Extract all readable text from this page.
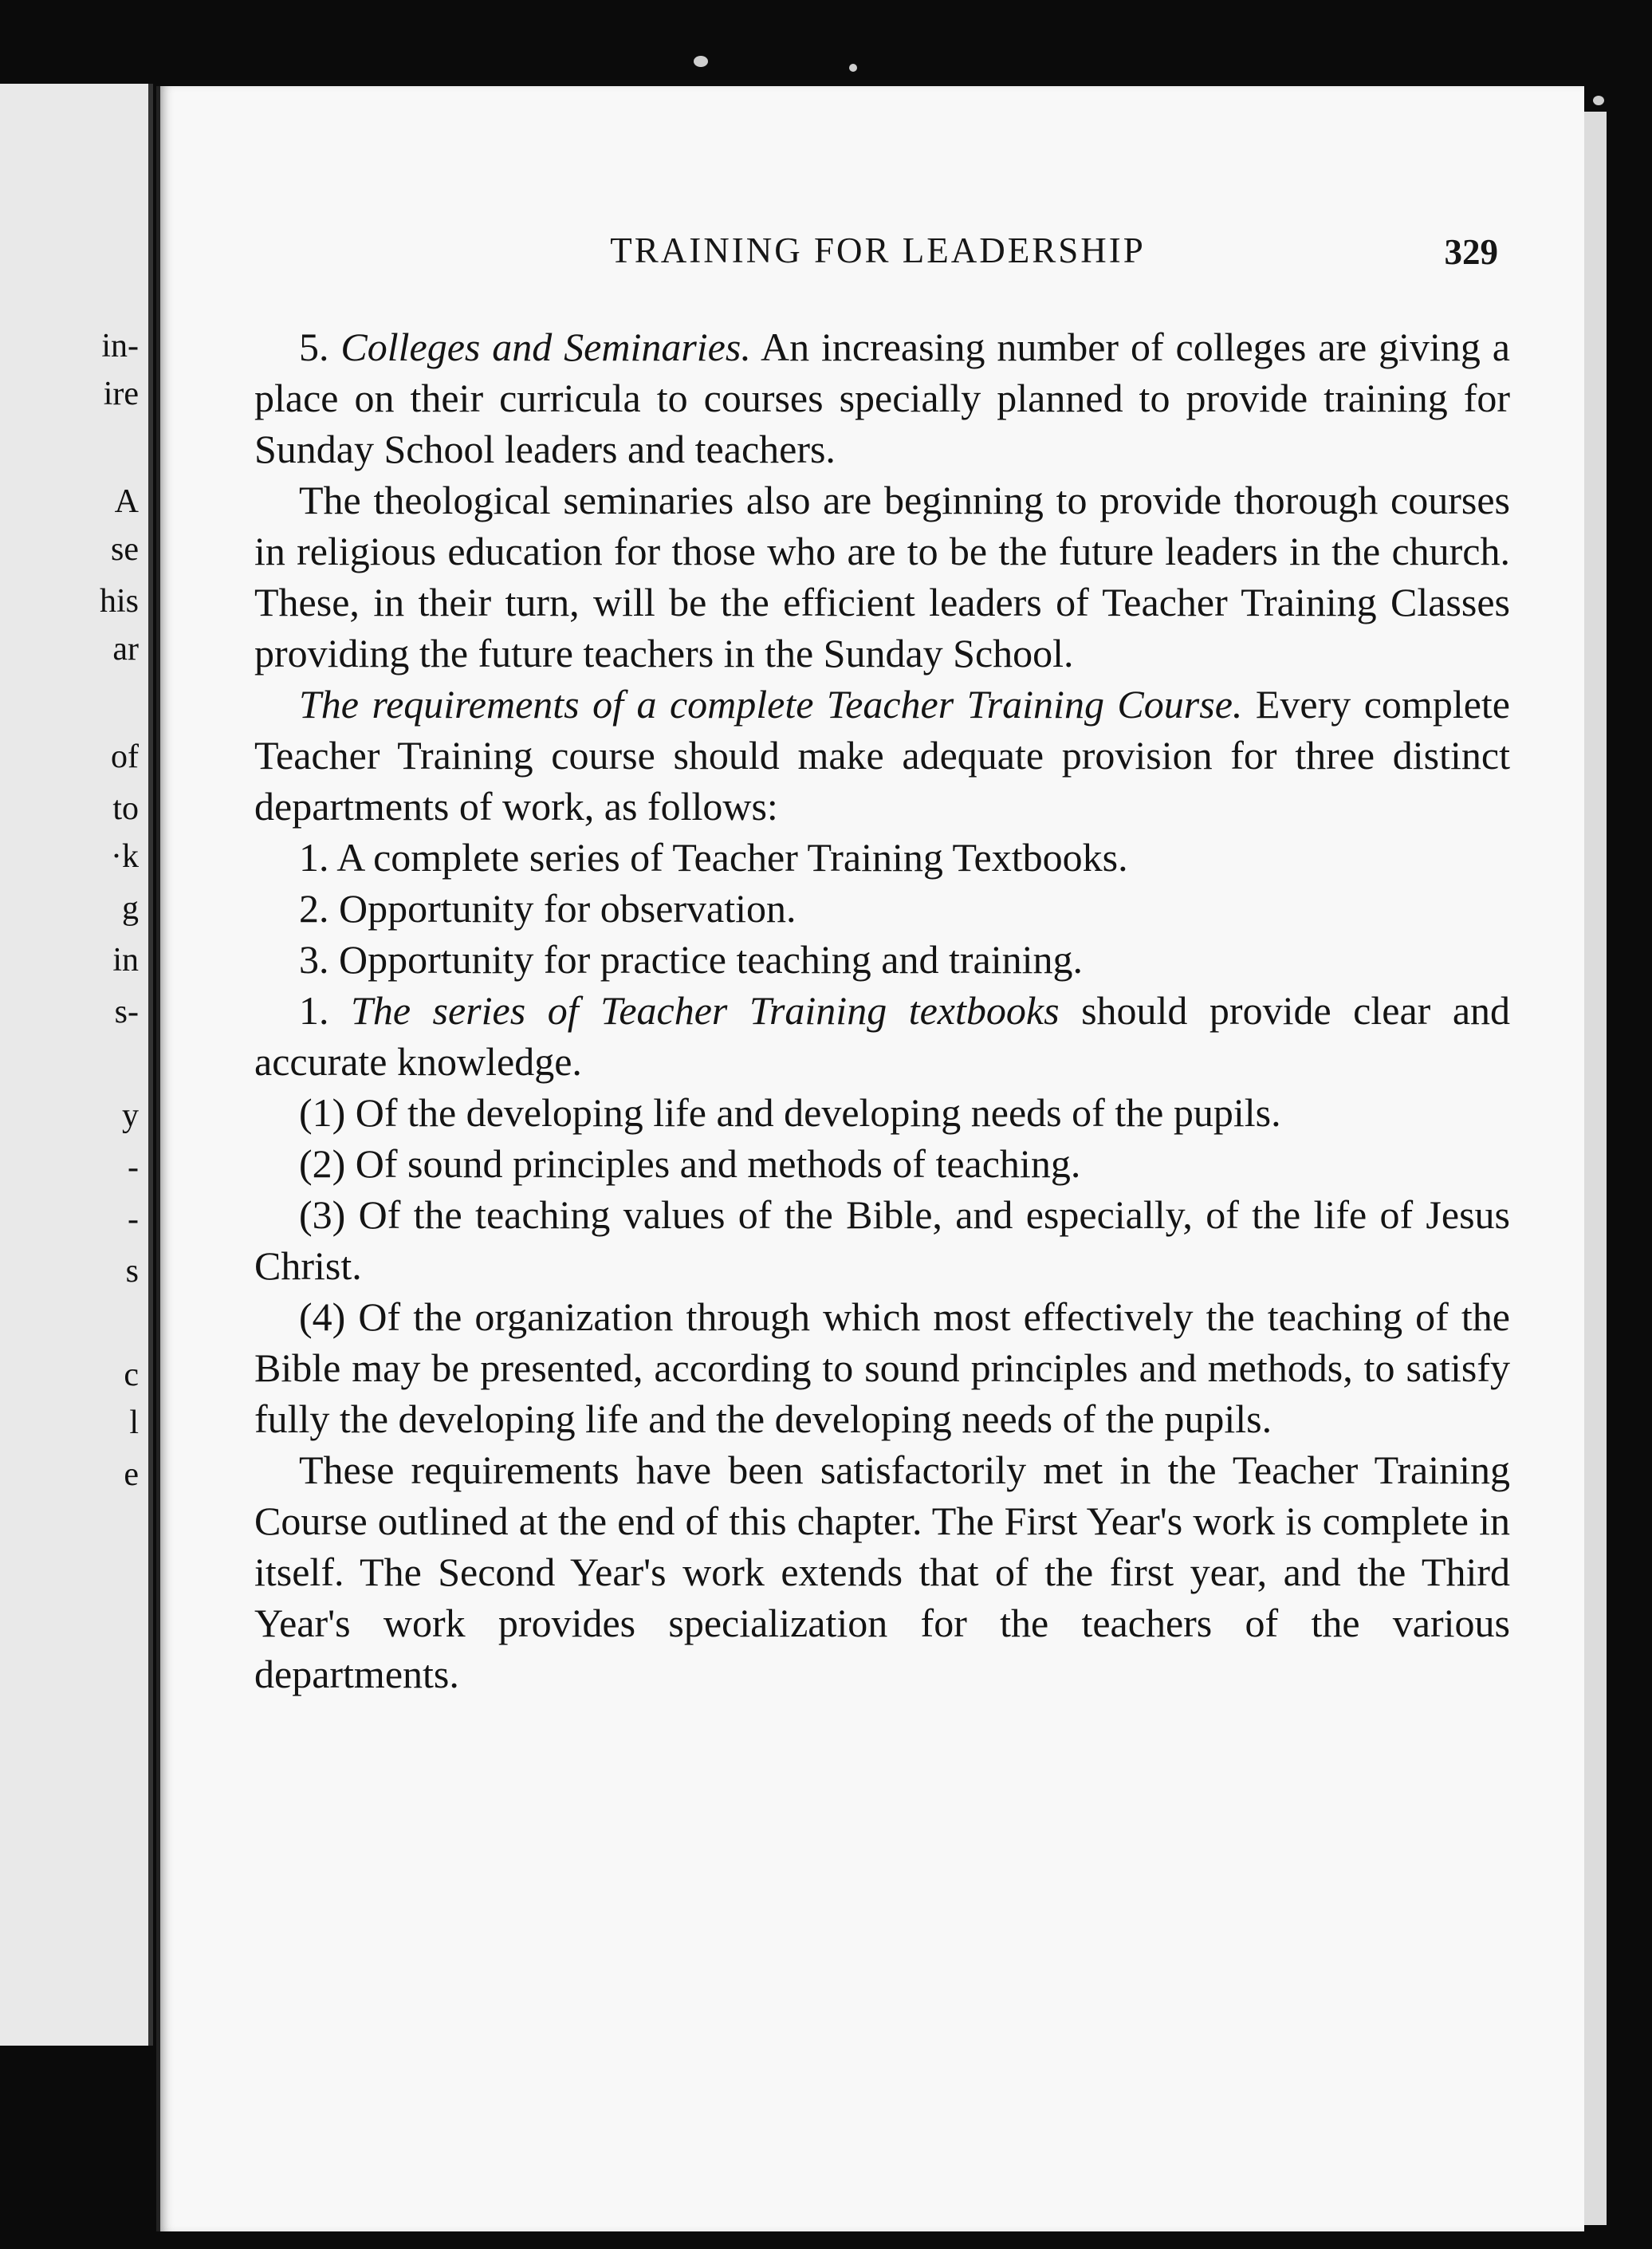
in-
ire
A
se
his
ar
of
to
·k
g
in
s-
y
-
-
s
c
l
e
TRAINING FOR LEADERSHIP	329

5. Colleges and Seminaries. An increasing number of colleges are giving a place on their curricula to courses specially planned to provide training for Sunday School leaders and teachers.

The theological seminaries also are beginning to provide thorough courses in religious education for those who are to be the future leaders in the church. These, in their turn, will be the efficient leaders of Teacher Training Classes providing the future teachers in the Sunday School.

The requirements of a complete Teacher Training Course. Every complete Teacher Training course should make adequate provision for three distinct departments of work, as follows:

1. A complete series of Teacher Training Textbooks.

2. Opportunity for observation.

3. Opportunity for practice teaching and training.

1. The series of Teacher Training textbooks should provide clear and accurate knowledge.

(1) Of the developing life and developing needs of the pupils.

(2) Of sound principles and methods of teaching.

(3) Of the teaching values of the Bible, and especially, of the life of Jesus Christ.

(4) Of the organization through which most effectively the teaching of the Bible may be presented, according to sound principles and methods, to satisfy fully the developing life and the developing needs of the pupils.

These requirements have been satisfactorily met in the Teacher Training Course outlined at the end of this chapter. The First Year's work is complete in itself. The Second Year's work extends that of the first year, and the Third Year's work provides specialization for the teachers of the various departments.
